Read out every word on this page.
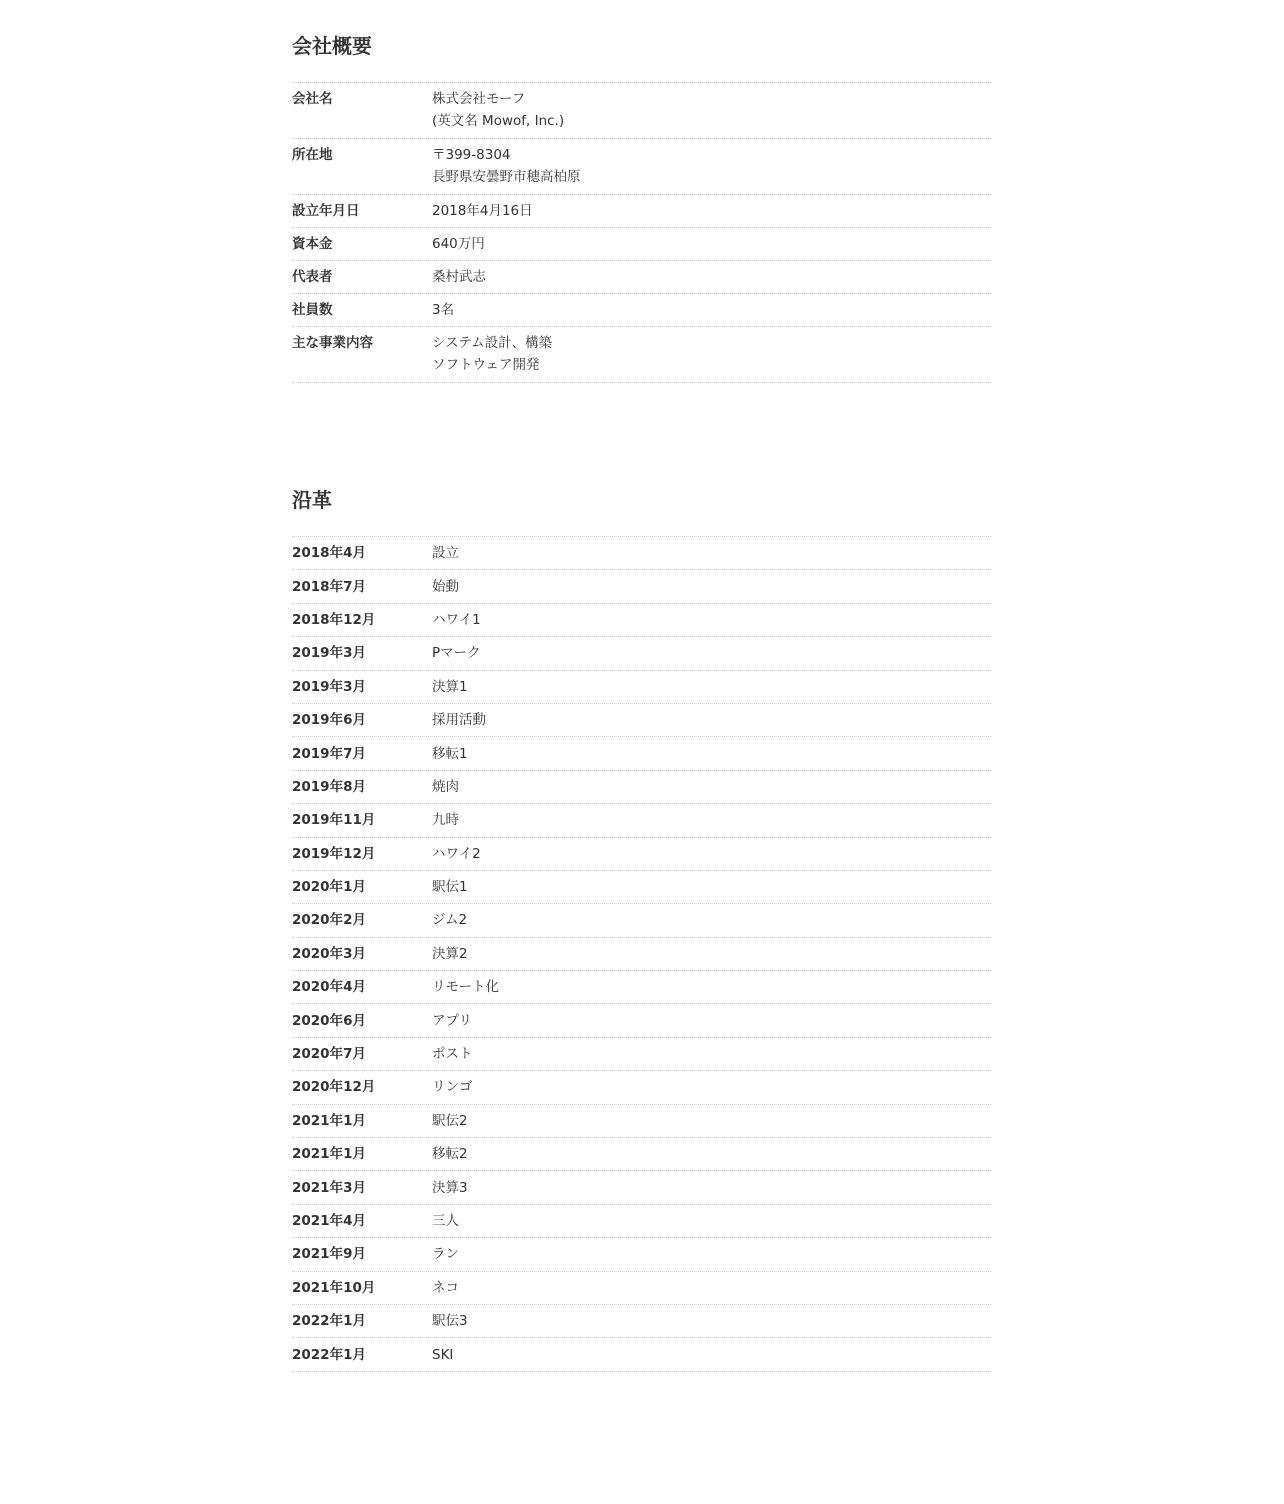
会社概要
会社名	株式会社モーフ
(英文名 Mowof, Inc.)
所在地	〒399-8304
長野県安曇野市穂高柏原
設立年月日	2018年4月16日
資本金	640万円
代表者	桑村武志
社員数	3名
主な事業内容	システム設計、構築
ソフトウェア開発
沿革
2018年4月	設立
2018年7月	始動
2018年12月	ハワイ1
2019年3月	Pマーク
2019年3月	決算1
2019年6月	採用活動
2019年7月	移転1
2019年8月	焼肉
2019年11月	九時
2019年12月	ハワイ2
2020年1月	駅伝1
2020年2月	ジム2
2020年3月	決算2
2020年4月	リモート化
2020年6月	アプリ
2020年7月	ポスト
2020年12月	リンゴ
2021年1月	駅伝2
2021年1月	移転2
2021年3月	決算3
2021年4月	三人
2021年9月	ラン
2021年10月	ネコ
2022年1月	駅伝3
2022年1月	SKI
